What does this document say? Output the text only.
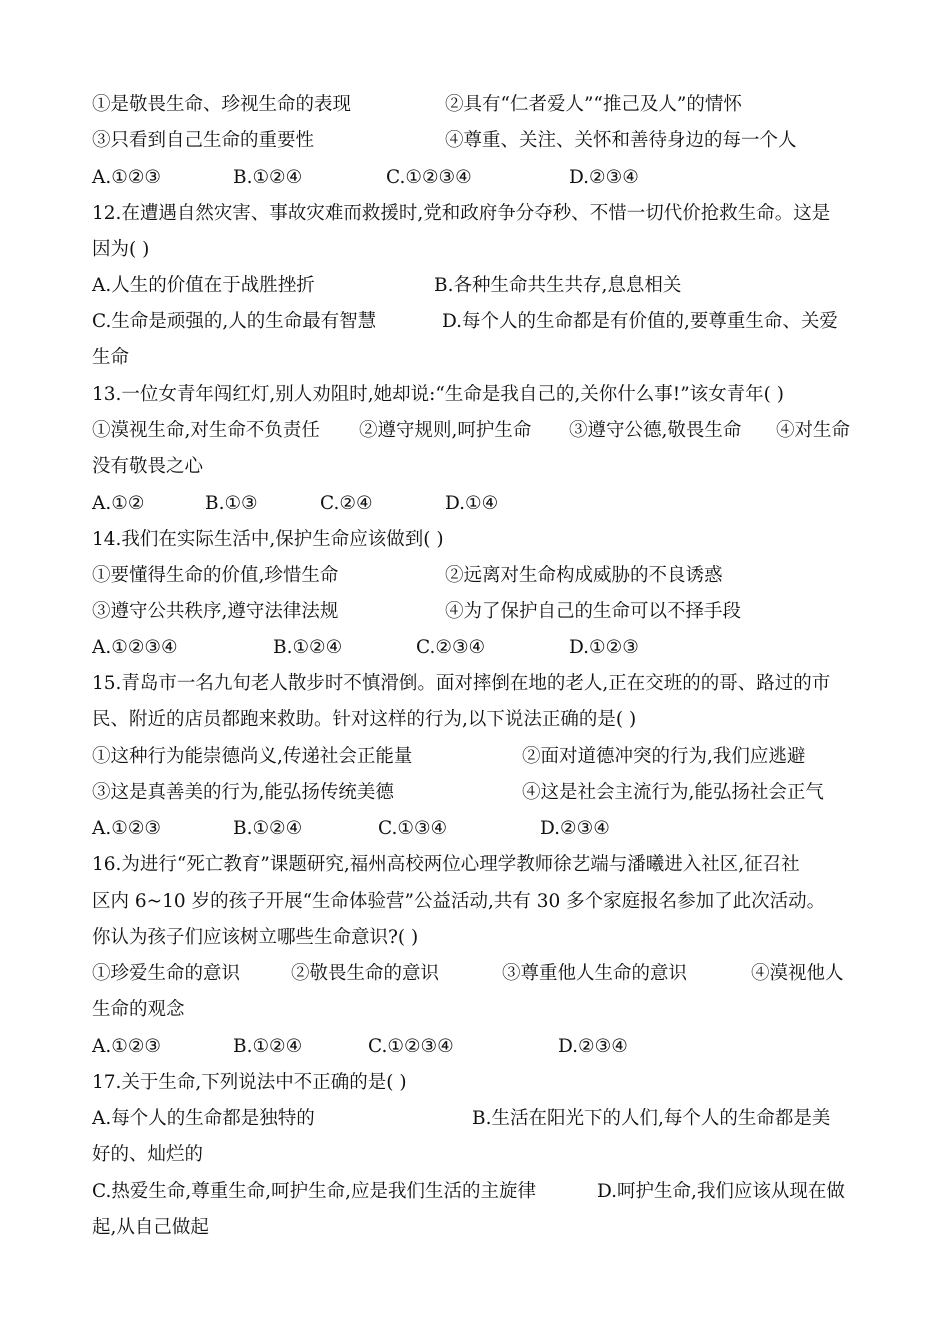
①是敬畏生命、珍视生命的表现	②具有“仁者爱人”“推己及人”的情怀
③只看到自己生命的重要性	④尊重、关注、关怀和善待身边的每一个人
A.①②③	B.①②④	C.①②③④	D.②③④
12.在遭遇自然灾害、事故灾难而救援时,党和政府争分夺秒、不惜一切代价抢救生命。这是
因为( )
A.人生的价值在于战胜挫折	B.各种生命共生共存,息息相关
C.生命是顽强的,人的生命最有智慧	D.每个人的生命都是有价值的,要尊重生命、关爱
生命
13.一位女青年闯红灯,别人劝阻时,她却说:“生命是我自己的,关你什么事!”该女青年( )
①漠视生命,对生命不负责任 ②遵守规则,呵护生命 ③遵守公德,敬畏生命 ④对生命
没有敬畏之心
A.①②	B.①③	C.②④	D.①④
14.我们在实际生活中,保护生命应该做到( )
①要懂得生命的价值,珍惜生命	②远离对生命构成威胁的不良诱惑
③遵守公共秩序,遵守法律法规	④为了保护自己的生命可以不择手段
A.①②③④	B.①②④	C.②③④	D.①②③
15.青岛市一名九旬老人散步时不慎滑倒。面对摔倒在地的老人,正在交班的的哥、路过的市
民、附近的店员都跑来救助。针对这样的行为,以下说法正确的是( )
①这种行为能崇德尚义,传递社会正能量	②面对道德冲突的行为,我们应逃避
③这是真善美的行为,能弘扬传统美德	④这是社会主流行为,能弘扬社会正气
A.①②③	B.①②④	C.①③④	D.②③④
16.为进行“死亡教育”课题研究,福州高校两位心理学教师徐艺端与潘曦进入社区,征召社
区内 6~10 岁的孩子开展“生命体验营”公益活动,共有 30 多个家庭报名参加了此次活动。
你认为孩子们应该树立哪些生命意识?( )
①珍爱生命的意识	②敬畏生命的意识	③尊重他人生命的意识	④漠视他人
生命的观念
A.①②③	B.①②④	C.①②③④	D.②③④
17.关于生命,下列说法中不正确的是( )
A.每个人的生命都是独特的	B.生活在阳光下的人们,每个人的生命都是美
好的、灿烂的
C.热爱生命,尊重生命,呵护生命,应是我们生活的主旋律	D.呵护生命,我们应该从现在做
起,从自己做起
